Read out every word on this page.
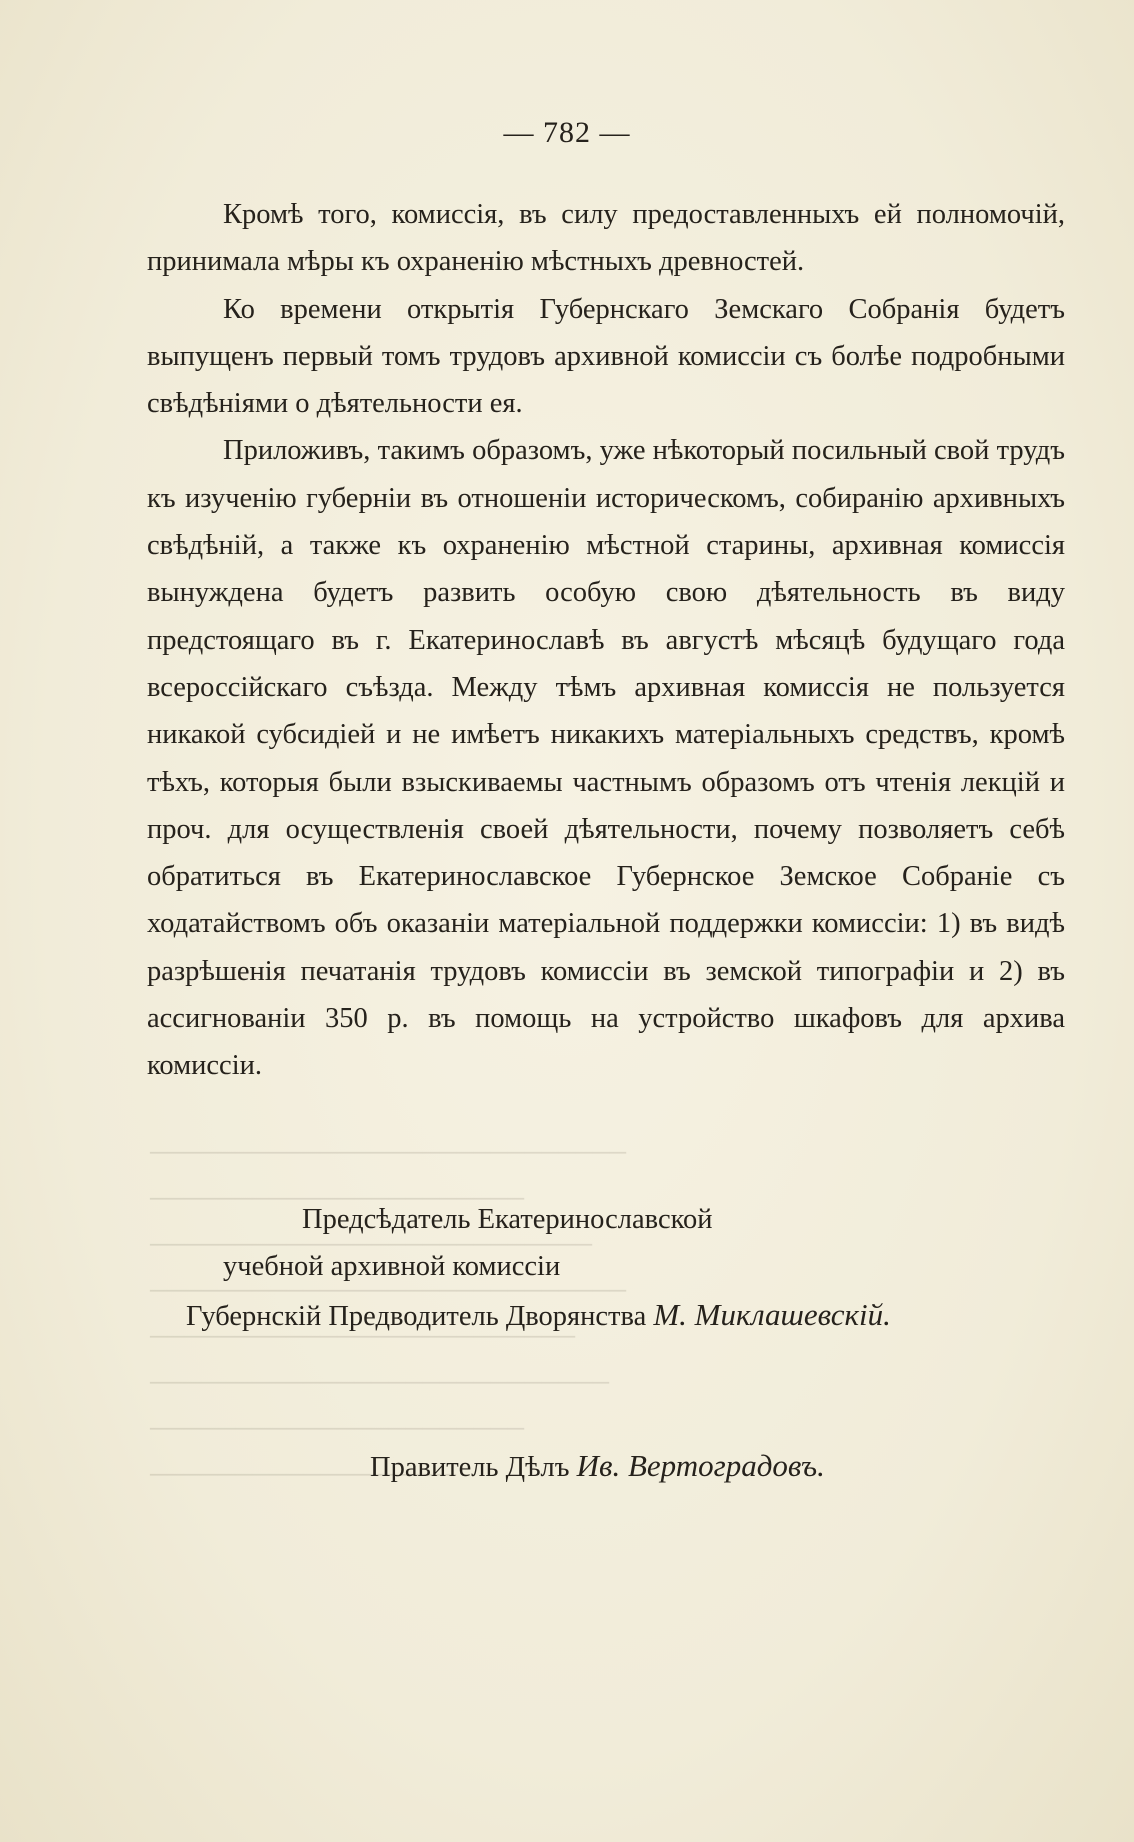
────────────────────────────
──────────────────────
──────────────────────────
────────────────────────────
─────────────────────────
───────────────────────────
──────────────────────
──────────────────
— 782 —

Кромѣ того, комиссія, въ силу предоставленныхъ ей полномочій, принимала мѣры къ охраненію мѣстныхъ древностей.

Ко времени открытія Губернскаго Земскаго Собранія будетъ выпущенъ первый томъ трудовъ архивной комиссіи съ болѣе подробными свѣдѣніями о дѣятельности ея.

Приложивъ, такимъ образомъ, уже нѣкоторый посильный свой трудъ къ изученію губерніи въ отношеніи историческомъ, собиранію архивныхъ свѣдѣній, а также къ охраненію мѣстной старины, архивная комиссія вынуждена будетъ развить особую свою дѣятельность въ виду предстоящаго въ г. Екатеринославѣ въ августѣ мѣсяцѣ будущаго года всероссійскаго съѣзда. Между тѣмъ архивная комиссія не пользуется никакой субсидіей и не имѣетъ никакихъ матеріальныхъ средствъ, кромѣ тѣхъ, которыя были взыскиваемы частнымъ образомъ отъ чтенія лекцій и проч. для осуществленія своей дѣятельности, почему позволяетъ себѣ обратиться въ Екатеринославское Губернское Земское Собраніе съ ходатайствомъ объ оказаніи матеріальной поддержки комиссіи: 1) въ видѣ разрѣшенія печатанія трудовъ комиссіи въ земской типографіи и 2) въ ассигнованіи 350 р. въ помощь на устройство шкафовъ для архива комиссіи.

Предсѣдатель Екатеринославской
учебной архивной комиссіи
Губернскій Предводитель Дворянства М. Миклашевскій.
Правитель Дѣлъ Ив. Вертоградовъ.
